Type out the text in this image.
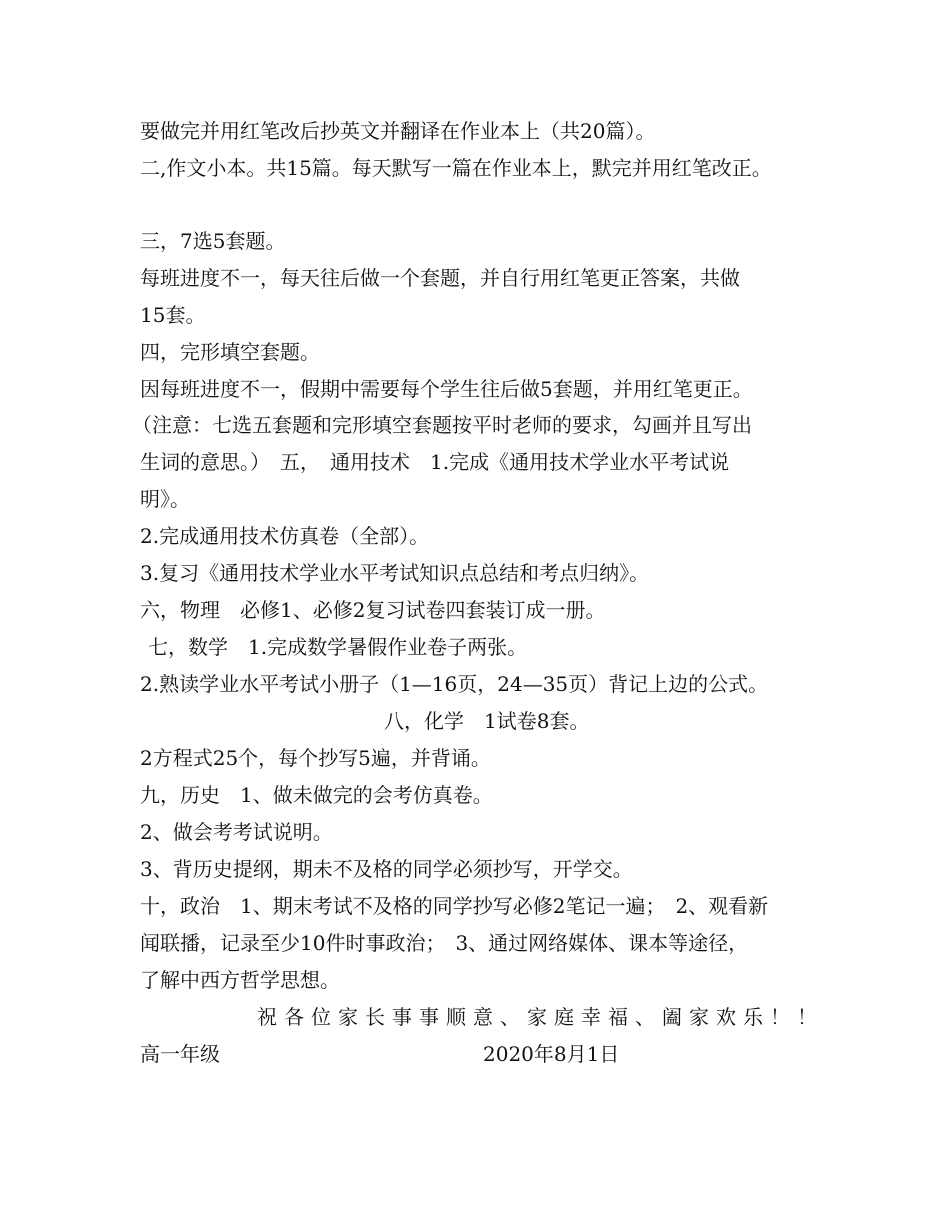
要做完并用红笔改后抄英文并翻译在作业本上（共20篇）。
二,作文小本。共15篇。每天默写一篇在作业本上，默完并用红笔改正。
三，7选5套题。
每班进度不一，每天往后做一个套题，并自行用红笔更正答案，共做
15套。
四，完形填空套题。
因每班进度不一，假期中需要每个学生往后做5套题，并用红笔更正。
（注意：七选五套题和完形填空套题按平时老师的要求，勾画并且写出
生词的意思。）　五，　通用技术　1.完成《通用技术学业水平考试说
明》。
2.完成通用技术仿真卷（全部）。
3.复习《通用技术学业水平考试知识点总结和考点归纳》。
六，物理　必修1、必修2复习试卷四套装订成一册。
七，数学　1.完成数学暑假作业卷子两张。
2.熟读学业水平考试小册子（1—16页，24—35页）背记上边的公式。
八，化学　1试卷8套。
2方程式25个，每个抄写5遍，并背诵。
九，历史　1、做未做完的会考仿真卷。
2、做会考考试说明。
3、背历史提纲，期未不及格的同学必须抄写，开学交。
十，政治　1、期末考试不及格的同学抄写必修2笔记一遍；　2、观看新
闻联播，记录至少10件时事政治；　3、通过网络媒体、课本等途径，
了解中西方哲学思想。
祝各位家长事事顺意、家庭幸福、阖家欢乐！！
高一年级	2020年8月1日
